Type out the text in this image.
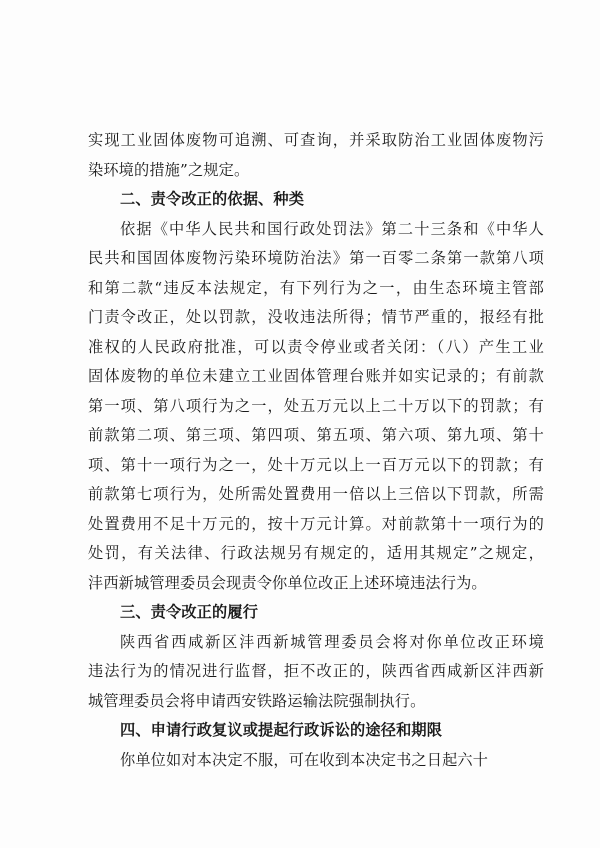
实现工业固体废物可追溯、可查询，并采取防治工业固体废物污
染环境的措施”之规定。
二、责令改正的依据、种类
依据《中华人民共和国行政处罚法》第二十三条和《中华人
民共和国固体废物污染环境防治法》第一百零二条第一款第八项
和第二款“违反本法规定，有下列行为之一，由生态环境主管部
门责令改正，处以罚款，没收违法所得；情节严重的，报经有批
准权的人民政府批准，可以责令停业或者关闭：（八）产生工业
固体废物的单位未建立工业固体管理台账并如实记录的；有前款
第一项、第八项行为之一，处五万元以上二十万以下的罚款；有
前款第二项、第三项、第四项、第五项、第六项、第九项、第十
项、第十一项行为之一，处十万元以上一百万元以下的罚款；有
前款第七项行为，处所需处置费用一倍以上三倍以下罚款，所需
处置费用不足十万元的，按十万元计算。对前款第十一项行为的
处罚，有关法律、行政法规另有规定的，适用其规定”之规定，
沣西新城管理委员会现责令你单位改正上述环境违法行为。
三、责令改正的履行
陕西省西咸新区沣西新城管理委员会将对你单位改正环境
违法行为的情况进行监督，拒不改正的，陕西省西咸新区沣西新
城管理委员会将申请西安铁路运输法院强制执行。
四、申请行政复议或提起行政诉讼的途径和期限
你单位如对本决定不服，可在收到本决定书之日起六十
